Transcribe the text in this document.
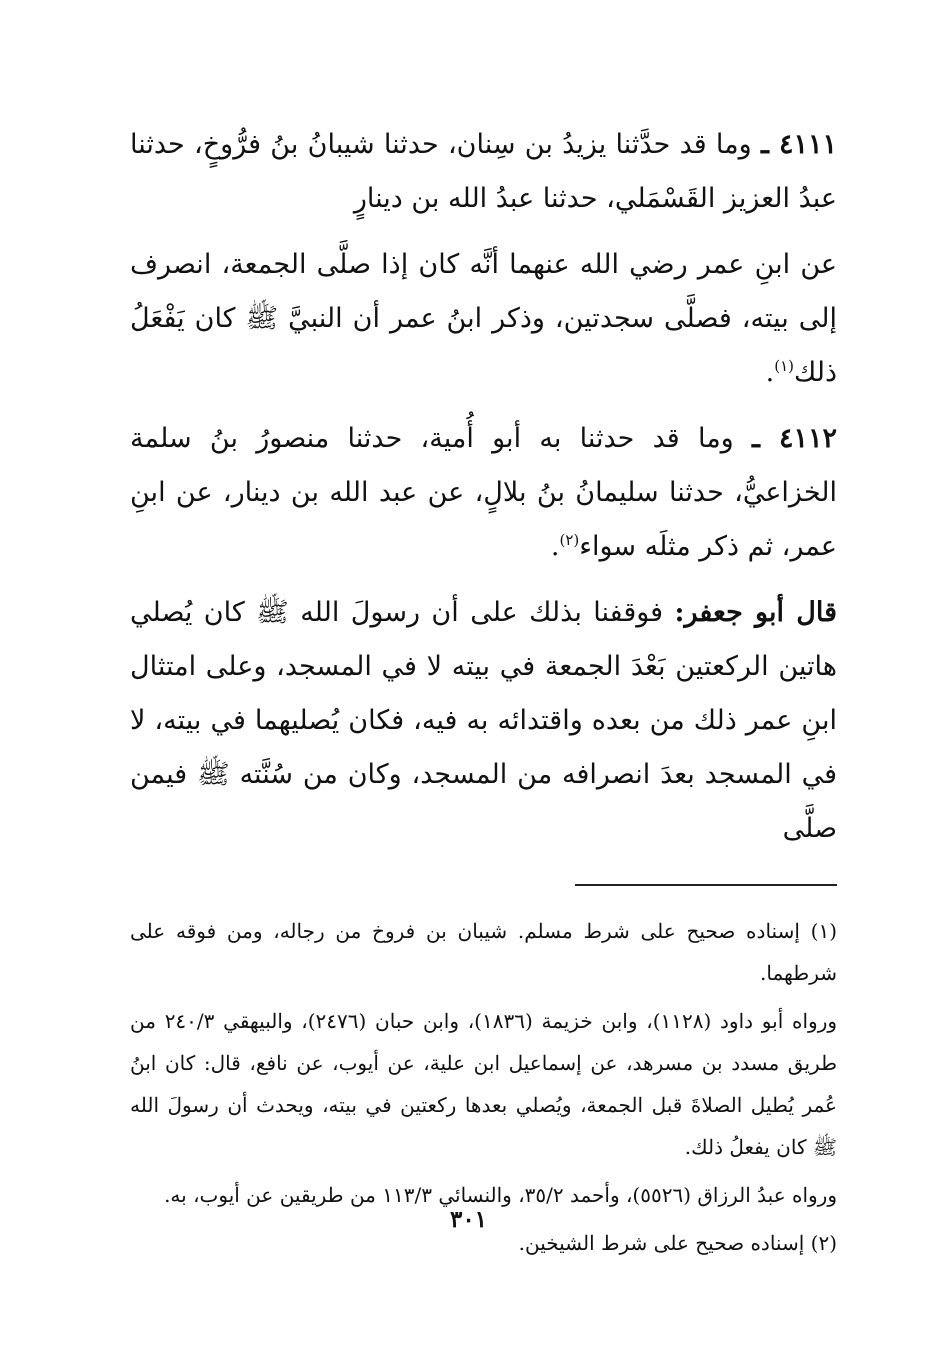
٤١١١ ـ وما قد حدَّثنا يزيدُ بن سِنان، حدثنا شيبانُ بنُ فرُّوخٍ، حدثنا عبدُ العزيز القَسْمَلي، حدثنا عبدُ الله بن دينارٍ

عن ابنِ عمر رضي الله عنهما أنَّه كان إذا صلَّى الجمعة، انصرف إلى بيته، فصلَّى سجدتين، وذكر ابنُ عمر أن النبيَّ ﷺ كان يَفْعَلُ ذلك$^{(١)}$.

٤١١٢ ـ وما قد حدثنا به أبو أُمية، حدثنا منصورُ بنُ سلمة الخزاعيُّ، حدثنا سليمانُ بنُ بلالٍ، عن عبد الله بن دينار، عن ابنِ عمر، ثم ذكر مثلَه سواء$^{(٢)}$.

قال أبو جعفر: فوقفنا بذلك على أن رسولَ الله ﷺ كان يُصلي هاتين الركعتين بَعْدَ الجمعة في بيته لا في المسجد، وعلى امتثال ابنِ عمر ذلك من بعده واقتدائه به فيه، فكان يُصليهما في بيته، لا في المسجد بعدَ انصرافه من المسجد، وكان من سُنَّته ﷺ فيمن صلَّى

(١) إسناده صحيح على شرط مسلم. شيبان بن فروخ من رجاله، ومن فوقه على شرطهما.

ورواه أبو داود (١١٢٨)، وابن خزيمة (١٨٣٦)، وابن حبان (٢٤٧٦)، والبيهقي ٢٤٠/٣ من طريق مسدد بن مسرهد، عن إسماعيل ابن علية، عن أيوب، عن نافع، قال: كان ابنُ عُمر يُطيل الصلاةَ قبل الجمعة، ويُصلي بعدها ركعتين في بيته، ويحدث أن رسولَ الله ﷺ كان يفعلُ ذلك.

ورواه عبدُ الرزاق (٥٥٢٦)، وأحمد ٣٥/٢، والنسائي ١١٣/٣ من طريقين عن أيوب، به.

(٢) إسناده صحيح على شرط الشيخين.

٣٠١
